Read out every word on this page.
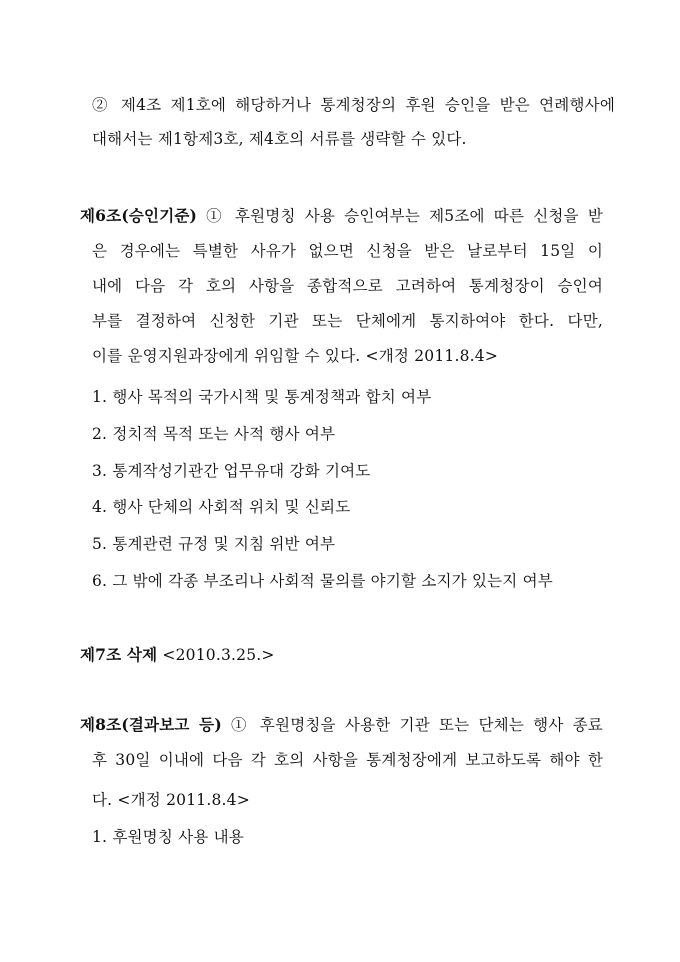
② 제4조 제1호에 해당하거나 통계청장의 후원 승인을 받은 연례행사에
대해서는 제1항제3호, 제4호의 서류를 생략할 수 있다.
제6조(승인기준) ① 후원명칭 사용 승인여부는 제5조에 따른 신청을 받
은 경우에는 특별한 사유가 없으면 신청을 받은 날로부터 15일 이
내에 다음 각 호의 사항을 종합적으로 고려하여 통계청장이 승인여
부를 결정하여 신청한 기관 또는 단체에게 통지하여야 한다. 다만,
이를 운영지원과장에게 위임할 수 있다. <개정 2011.8.4>
1. 행사 목적의 국가시책 및 통계정책과 합치 여부
2. 정치적 목적 또는 사적 행사 여부
3. 통계작성기관간 업무유대 강화 기여도
4. 행사 단체의 사회적 위치 및 신뢰도
5. 통계관련 규정 및 지침 위반 여부
6. 그 밖에 각종 부조리나 사회적 물의를 야기할 소지가 있는지 여부
제7조 삭제 <2010.3.25.>
제8조(결과보고 등) ① 후원명칭을 사용한 기관 또는 단체는 행사 종료
후 30일 이내에 다음 각 호의 사항을 통계청장에게 보고하도록 해야 한
다. <개정 2011.8.4>
1. 후원명칭 사용 내용
